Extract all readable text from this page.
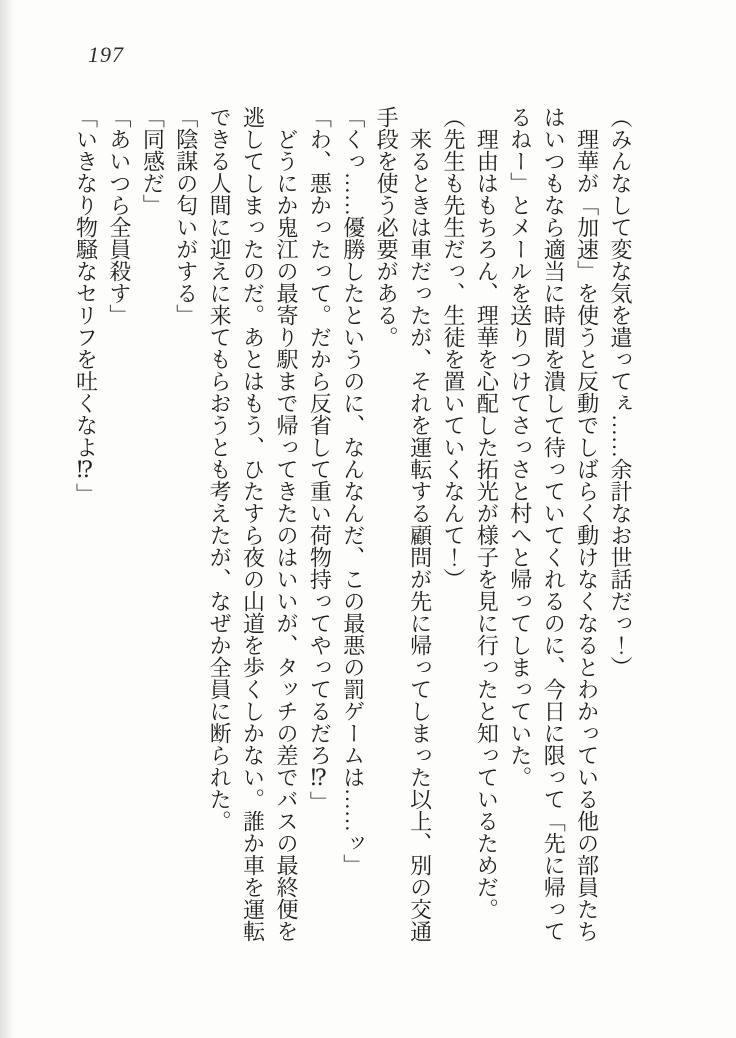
197

（みんなして変な気を遣ってぇ……余計なお世話だっ！）

　理華が「加速」を使うと反動でしばらく動けなくなるとわかっている他の部員たち

はいつもなら適当に時間を潰して待っていてくれるのに、今日に限って「先に帰って

るねー」とメールを送りつけてさっさと村へと帰ってしまっていた。

　理由はもちろん、理華を心配した拓光が様子を見に行ったと知っているためだ。

（先生も先生だっ、生徒を置いていくなんて！）

　来るときは車だったが、それを運転する顧問が先に帰ってしまった以上、別の交通

手段を使う必要がある。

「くっ……優勝したというのに、なんなんだ、この最悪の罰ゲームは……ッ」

「わ、悪かったって。だから反省して重い荷物持ってやってるだろ⁉」

　どうにか鬼江の最寄り駅まで帰ってきたのはいいが、タッチの差でバスの最終便を

逃してしまったのだ。あとはもう、ひたすら夜の山道を歩くしかない。誰か車を運転

できる人間に迎えに来てもらおうとも考えたが、なぜか全員に断られた。

「陰謀の匂いがする」

「同感だ」

「あいつら全員殺す」

「いきなり物騒なセリフを吐くなよ⁉」
